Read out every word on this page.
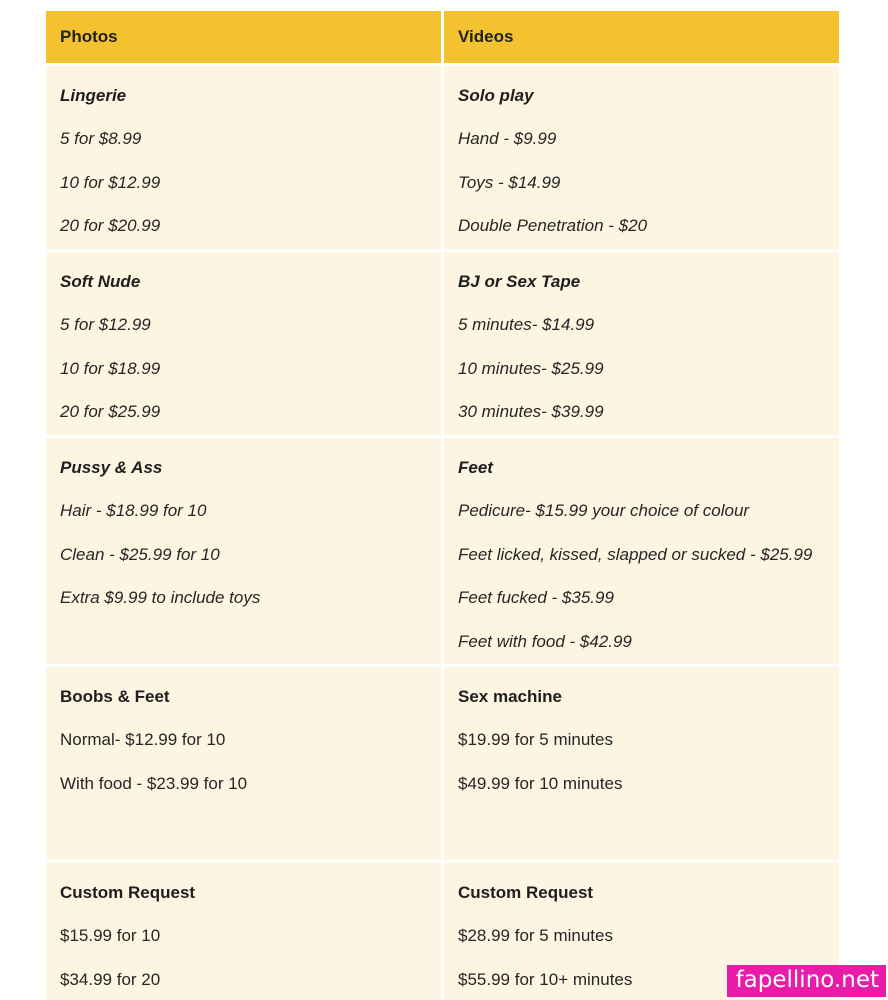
Photos	Videos
Lingerie
5 for $8.99
10 for $12.99
20 for $20.99
Solo play
Hand - $9.99
Toys - $14.99
Double Penetration - $20
Soft Nude
5 for $12.99
10 for $18.99
20 for $25.99
BJ or Sex Tape
5 minutes- $14.99
10 minutes- $25.99
30 minutes- $39.99
Pussy & Ass
Hair - $18.99 for 10
Clean - $25.99 for 10
Extra $9.99 to include toys
Feet
Pedicure- $15.99 your choice of colour
Feet licked, kissed, slapped or sucked - $25.99
Feet fucked - $35.99
Feet with food - $42.99
Boobs & Feet
Normal- $12.99 for 10
With food - $23.99 for 10
Sex machine
$19.99 for 5 minutes
$49.99 for 10 minutes
Custom Request
$15.99 for 10
$34.99 for 20
Custom Request
$28.99 for 5 minutes
$55.99 for 10+ minutes	fapellino.net
